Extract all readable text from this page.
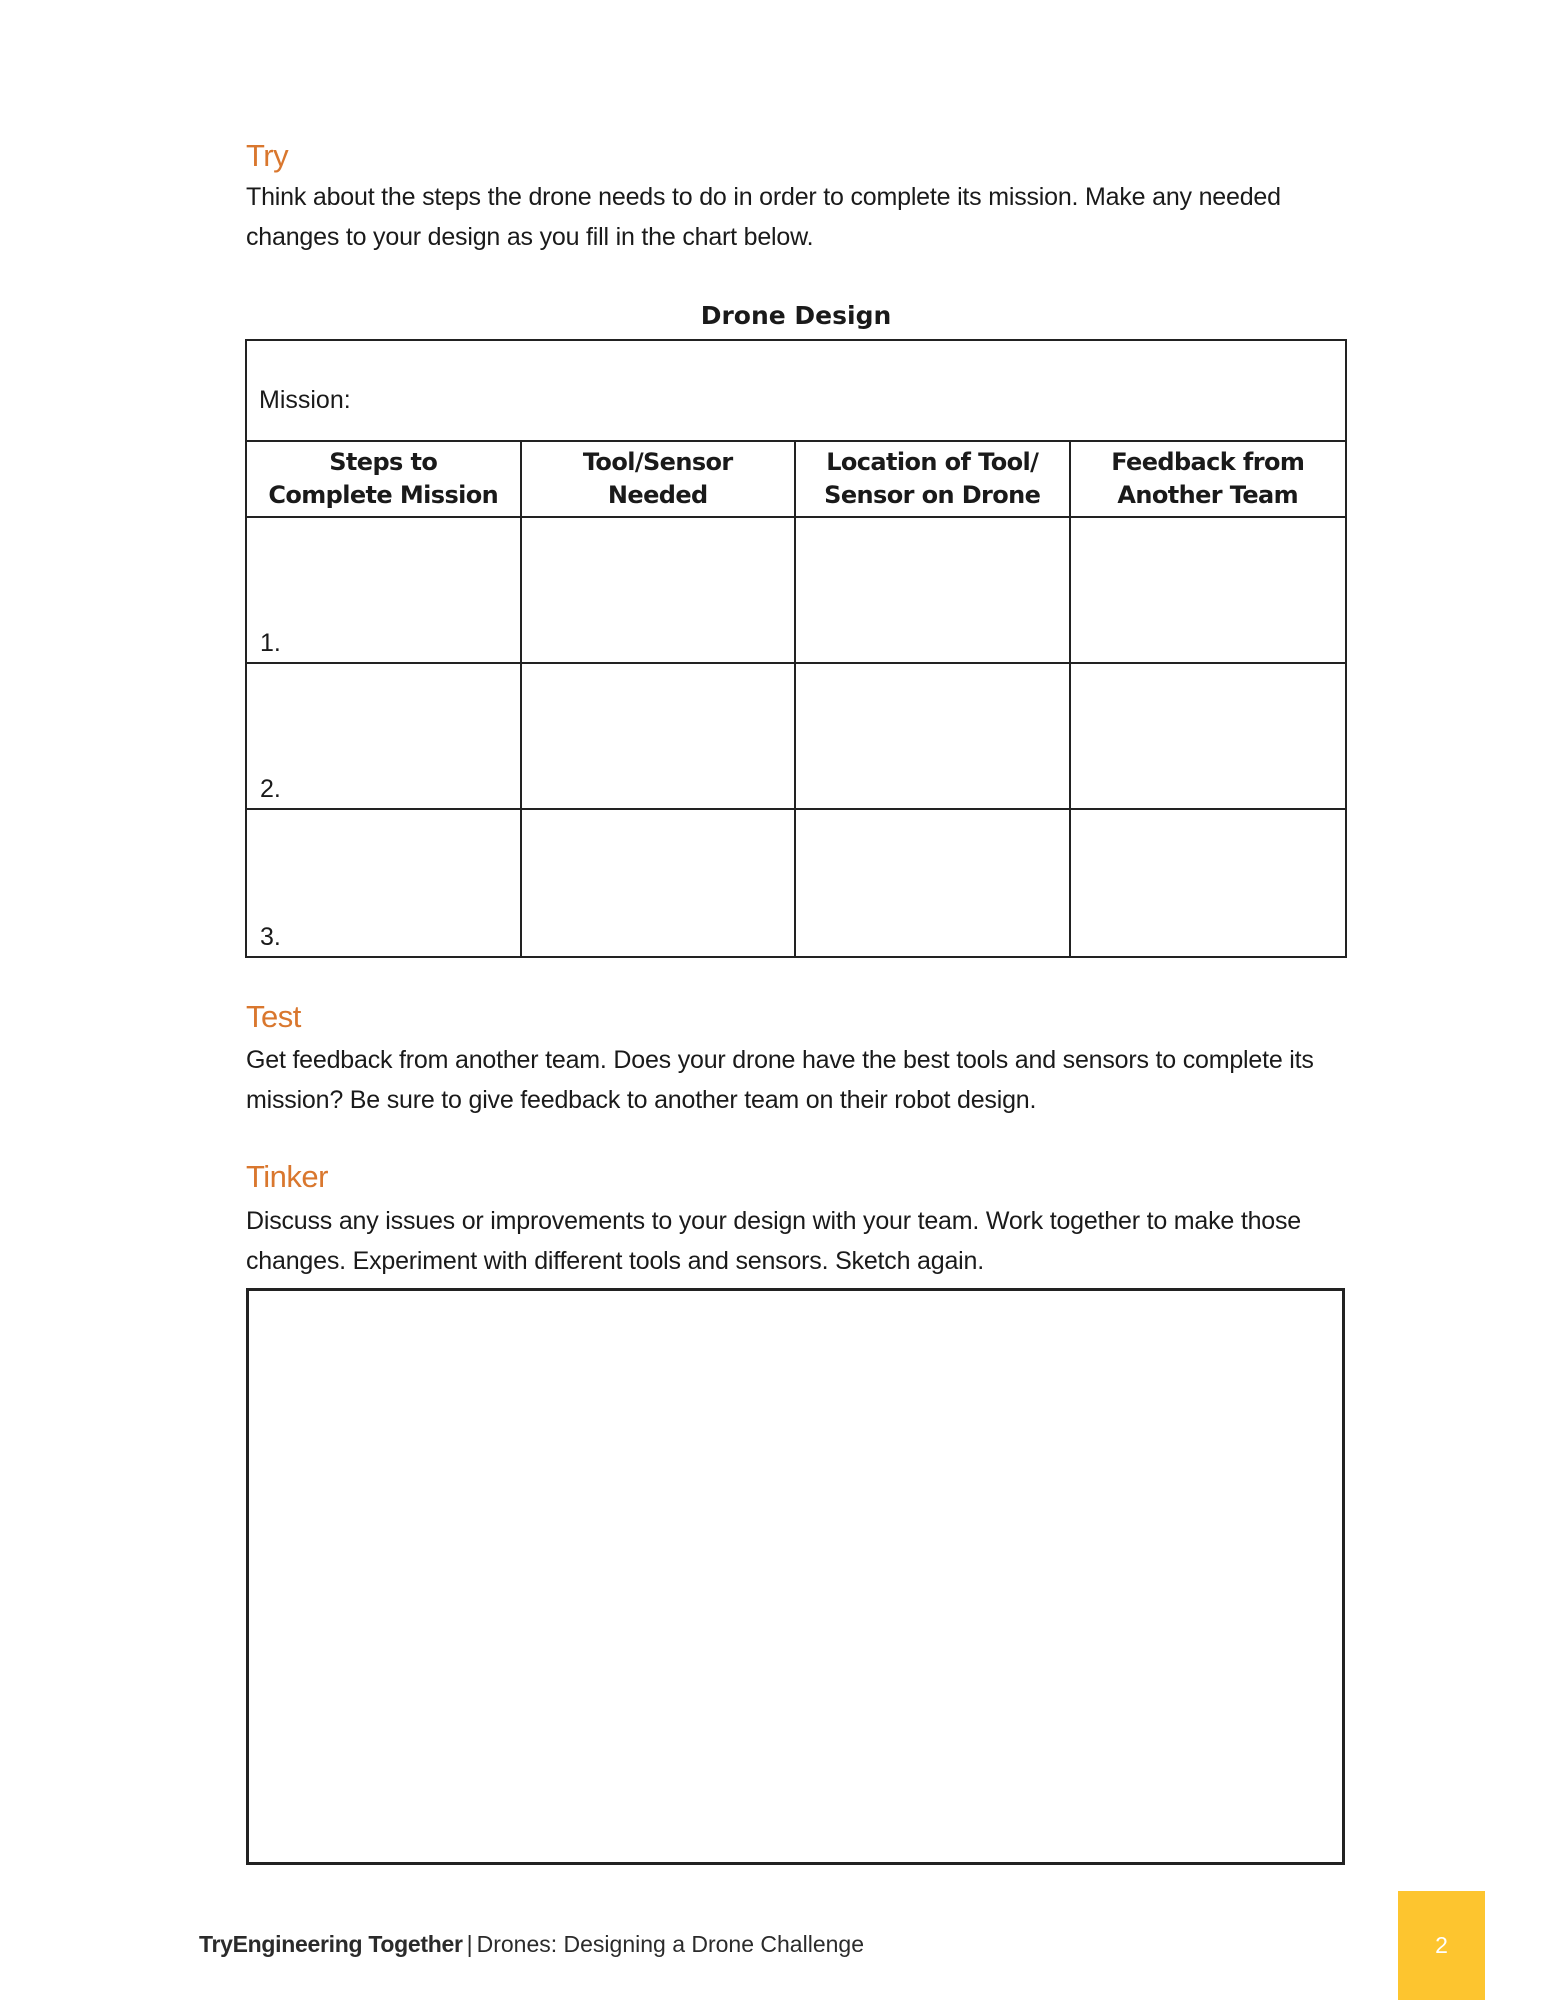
Try
Think about the steps the drone needs to do in order to complete its mission. Make any needed changes to your design as you fill in the chart below.
Drone Design
Mission:
Steps to
Complete Mission
Tool/Sensor
Needed
Location of Tool/
Sensor on Drone
Feedback from
Another Team
1.
2.
3.
Test
Get feedback from another team. Does your drone have the best tools and sensors to complete its mission? Be sure to give feedback to another team on their robot design.
Tinker
Discuss any issues or improvements to your design with your team. Work together to make those changes. Experiment with different tools and sensors. Sketch again.
TryEngineering Together | Drones: Designing a Drone Challenge	2
